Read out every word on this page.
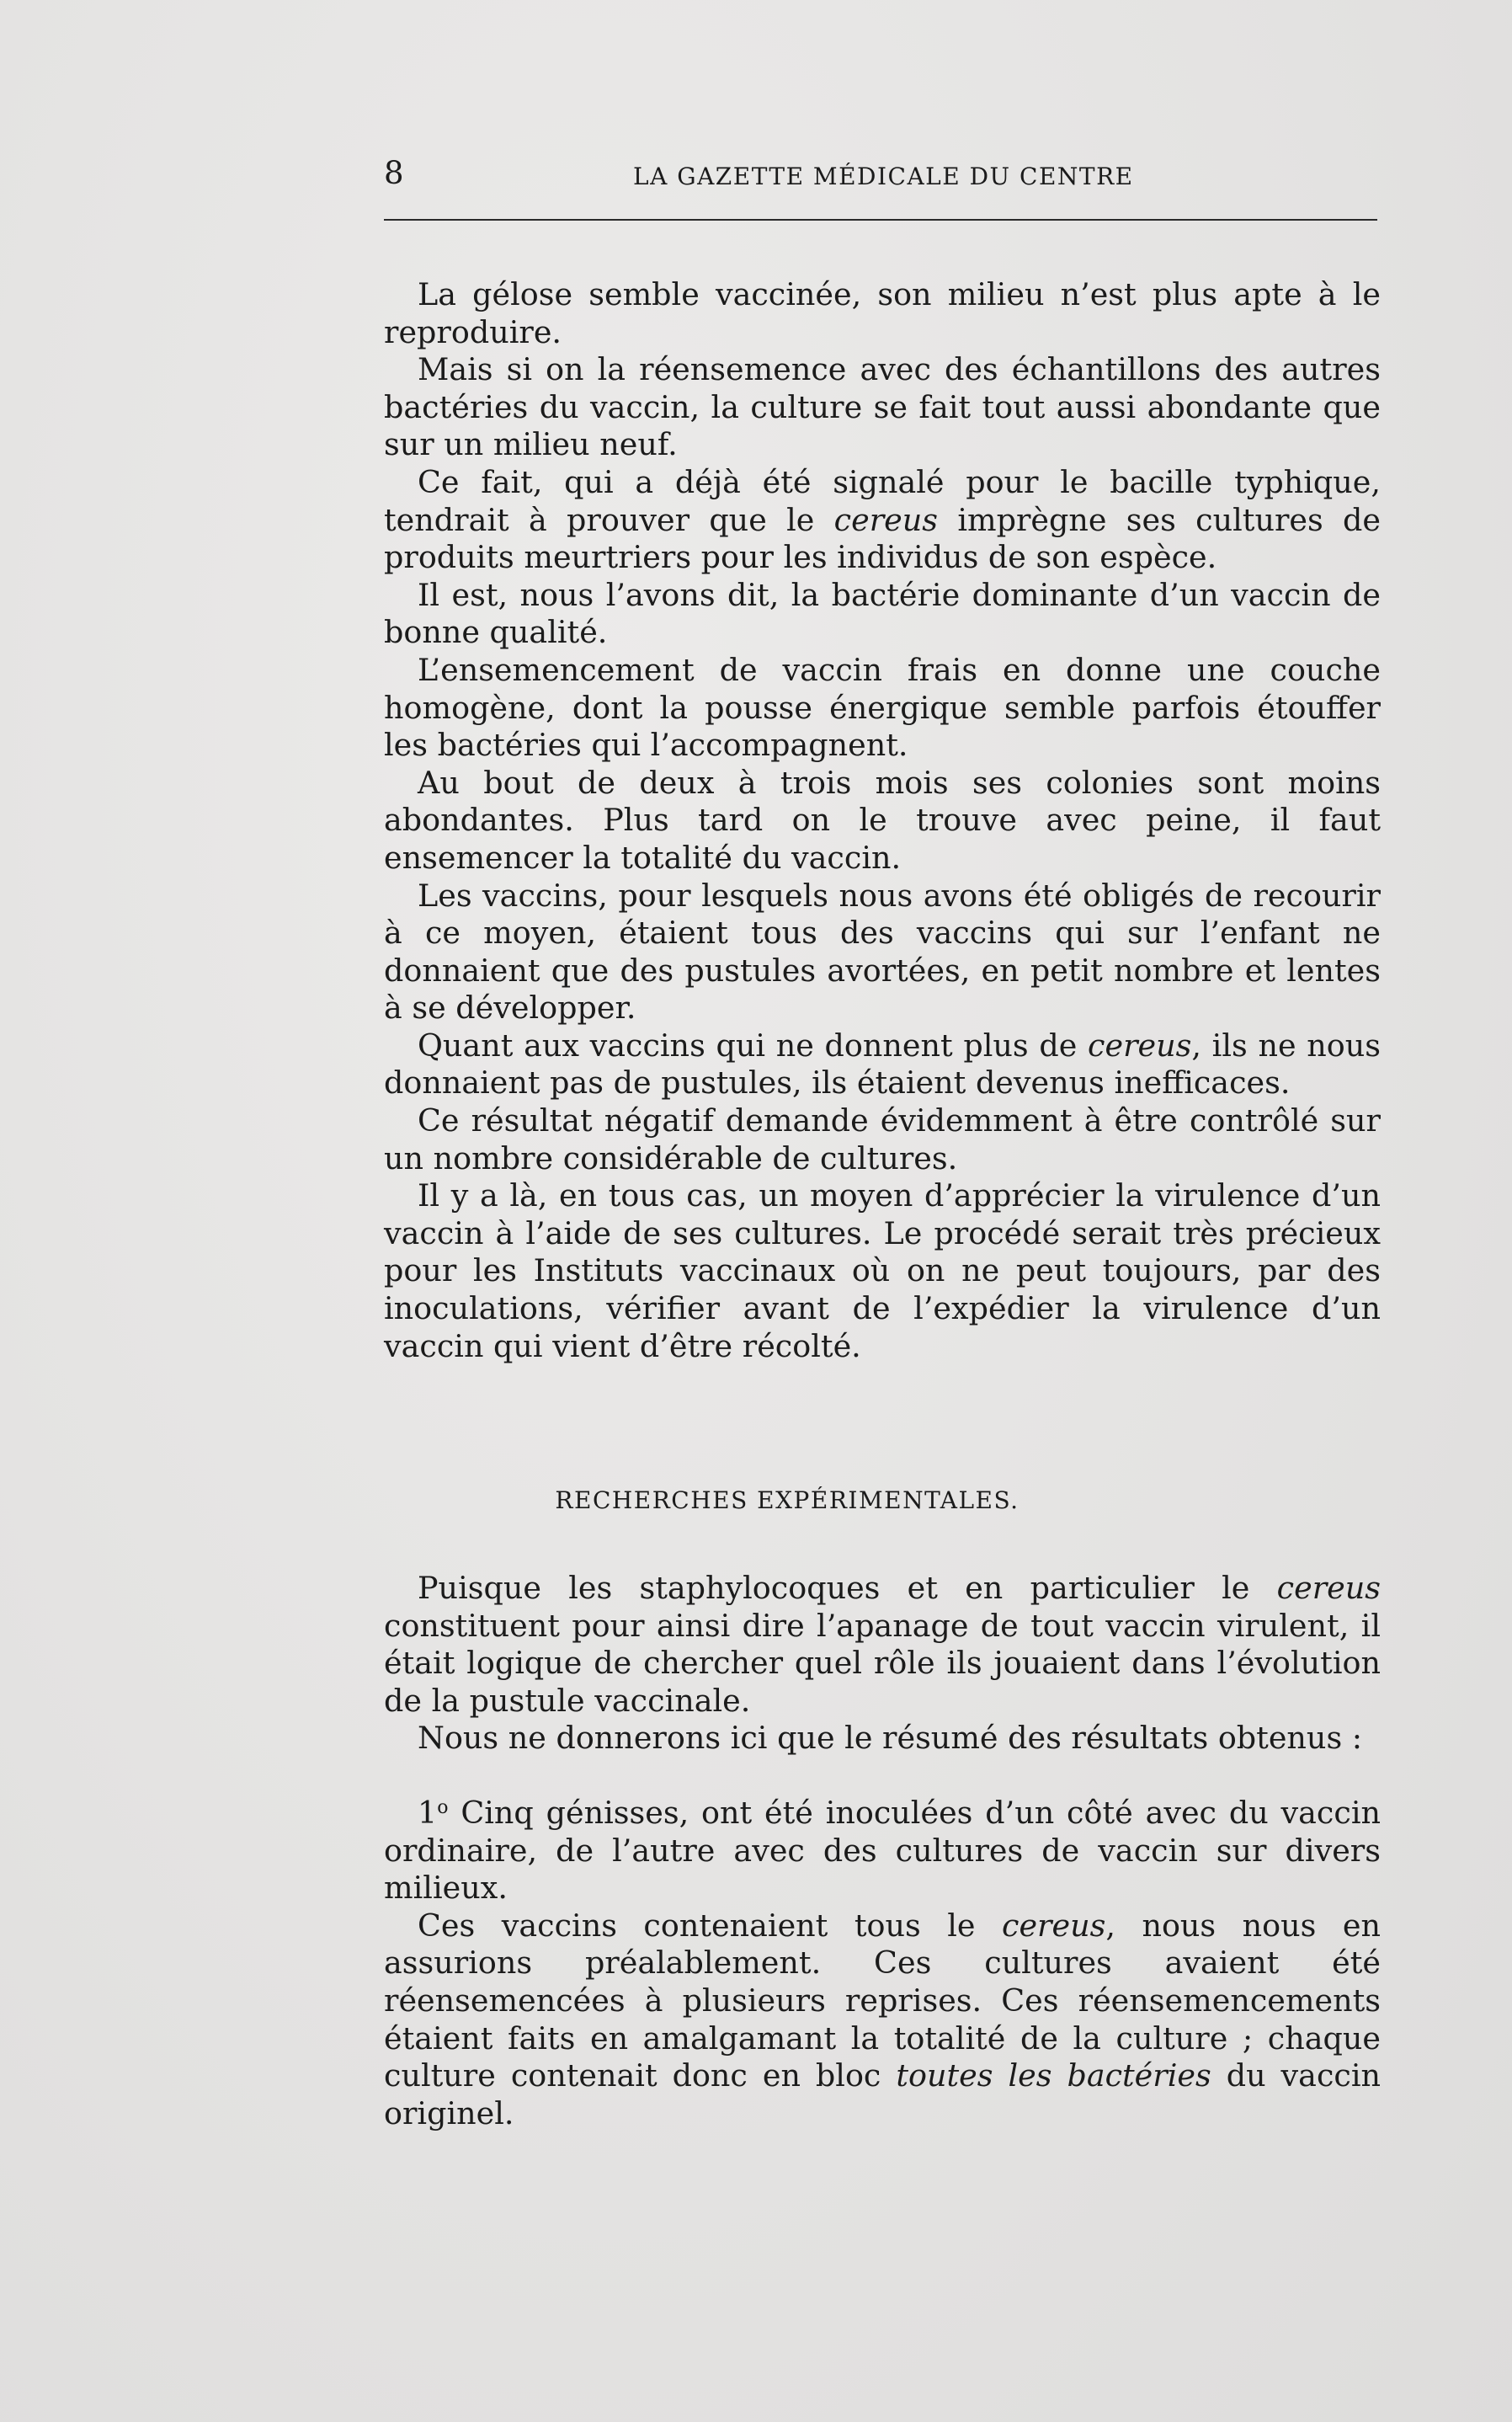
8	LA GAZETTE MÉDICALE DU CENTRE

La gélose semble vaccinée, son milieu n’est plus apte à le reproduire.

Mais si on la réensemence avec des échantillons des autres bactéries du vaccin, la culture se fait tout aussi abondante que sur un milieu neuf.

Ce fait, qui a déjà été signalé pour le bacille typhique, tendrait à prouver que le cereus imprègne ses cultures de produits meurtriers pour les individus de son espèce.

Il est, nous l’avons dit, la bactérie dominante d’un vaccin de bonne qualité.

L’ensemencement de vaccin frais en donne une couche homogène, dont la pousse énergique semble parfois étouffer les bactéries qui l’accompagnent.

Au bout de deux à trois mois ses colonies sont moins abondantes. Plus tard on le trouve avec peine, il faut ensemencer la totalité du vaccin.

Les vaccins, pour lesquels nous avons été obligés de recourir à ce moyen, étaient tous des vaccins qui sur l’enfant ne donnaient que des pustules avortées, en petit nombre et lentes à se développer.

Quant aux vaccins qui ne donnent plus de cereus, ils ne nous donnaient pas de pustules, ils étaient devenus inefficaces.

Ce résultat négatif demande évidemment à être contrôlé sur un nombre considérable de cultures.

Il y a là, en tous cas, un moyen d’apprécier la virulence d’un vaccin à l’aide de ses cultures. Le procédé serait très précieux pour les Instituts vaccinaux où on ne peut toujours, par des inoculations, vérifier avant de l’expédier la virulence d’un vaccin qui vient d’être récolté.

RECHERCHES EXPÉRIMENTALES.

Puisque les staphylocoques et en particulier le cereus constituent pour ainsi dire l’apanage de tout vaccin virulent, il était logique de chercher quel rôle ils jouaient dans l’évolution de la pustule vaccinale.

Nous ne donnerons ici que le résumé des résultats obtenus :

1$^o$ Cinq génisses, ont été inoculées d’un côté avec du vaccin ordinaire, de l’autre avec des cultures de vaccin sur divers milieux.

Ces vaccins contenaient tous le cereus, nous nous en assurions préalablement. Ces cultures avaient été réensemencées à plusieurs reprises. Ces réensemencements étaient faits en amalgamant la totalité de la culture ; chaque culture contenait donc en bloc toutes les bactéries du vaccin originel.
